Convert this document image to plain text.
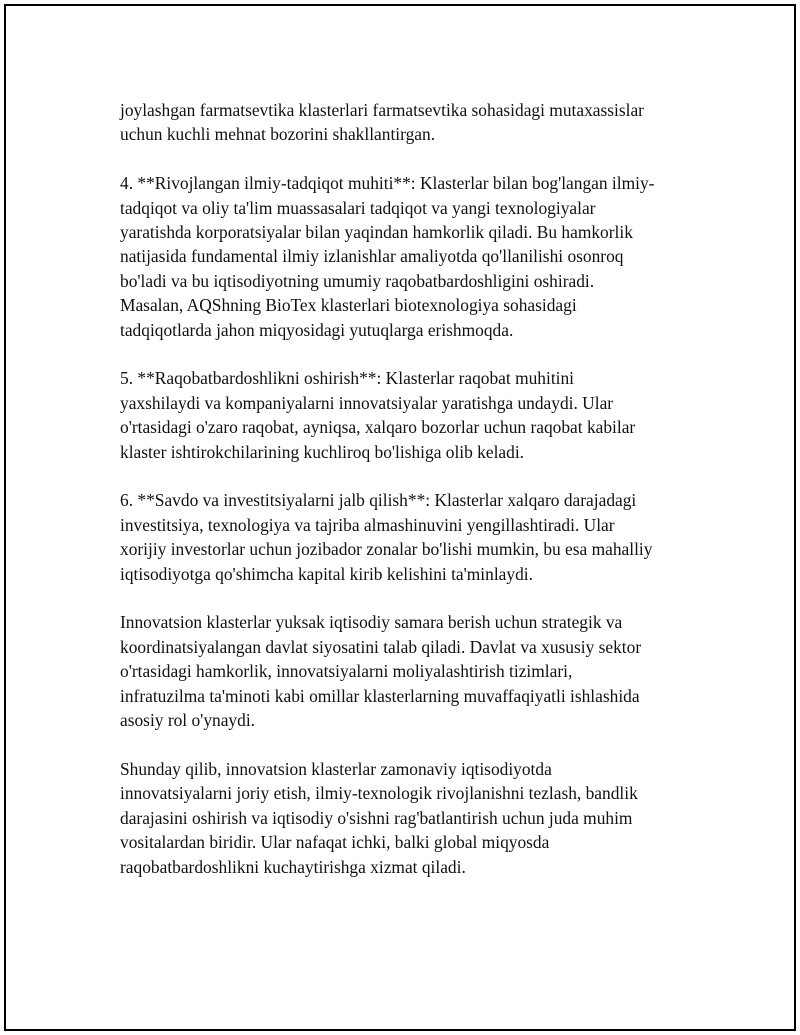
joylashgan farmatsevtika klasterlari farmatsevtika sohasidagi mutaxassislar
uchun kuchli mehnat bozorini shakllantirgan.

4. **Rivojlangan ilmiy-tadqiqot muhiti**: Klasterlar bilan bog'langan ilmiy-
tadqiqot va oliy ta'lim muassasalari tadqiqot va yangi texnologiyalar
yaratishda korporatsiyalar bilan yaqindan hamkorlik qiladi. Bu hamkorlik
natijasida fundamental ilmiy izlanishlar amaliyotda qo'llanilishi osonroq
bo'ladi va bu iqtisodiyotning umumiy raqobatbardoshligini oshiradi.
Masalan, AQShning BioTex klasterlari biotexnologiya sohasidagi
tadqiqotlarda jahon miqyosidagi yutuqlarga erishmoqda.

5. **Raqobatbardoshlikni oshirish**: Klasterlar raqobat muhitini
yaxshilaydi va kompaniyalarni innovatsiyalar yaratishga undaydi. Ular
o'rtasidagi o'zaro raqobat, ayniqsa, xalqaro bozorlar uchun raqobat kabilar
klaster ishtirokchilarining kuchliroq bo'lishiga olib keladi.

6. **Savdo va investitsiyalarni jalb qilish**: Klasterlar xalqaro darajadagi
investitsiya, texnologiya va tajriba almashinuvini yengillashtiradi. Ular
xorijiy investorlar uchun jozibador zonalar bo'lishi mumkin, bu esa mahalliy
iqtisodiyotga qo'shimcha kapital kirib kelishini ta'minlaydi.

Innovatsion klasterlar yuksak iqtisodiy samara berish uchun strategik va
koordinatsiyalangan davlat siyosatini talab qiladi. Davlat va xususiy sektor
o'rtasidagi hamkorlik, innovatsiyalarni moliyalashtirish tizimlari,
infratuzilma ta'minoti kabi omillar klasterlarning muvaffaqiyatli ishlashida
asosiy rol o'ynaydi.

Shunday qilib, innovatsion klasterlar zamonaviy iqtisodiyotda
innovatsiyalarni joriy etish, ilmiy-texnologik rivojlanishni tezlash, bandlik
darajasini oshirish va iqtisodiy o'sishni rag'batlantirish uchun juda muhim
vositalardan biridir. Ular nafaqat ichki, balki global miqyosda
raqobatbardoshlikni kuchaytirishga xizmat qiladi.
